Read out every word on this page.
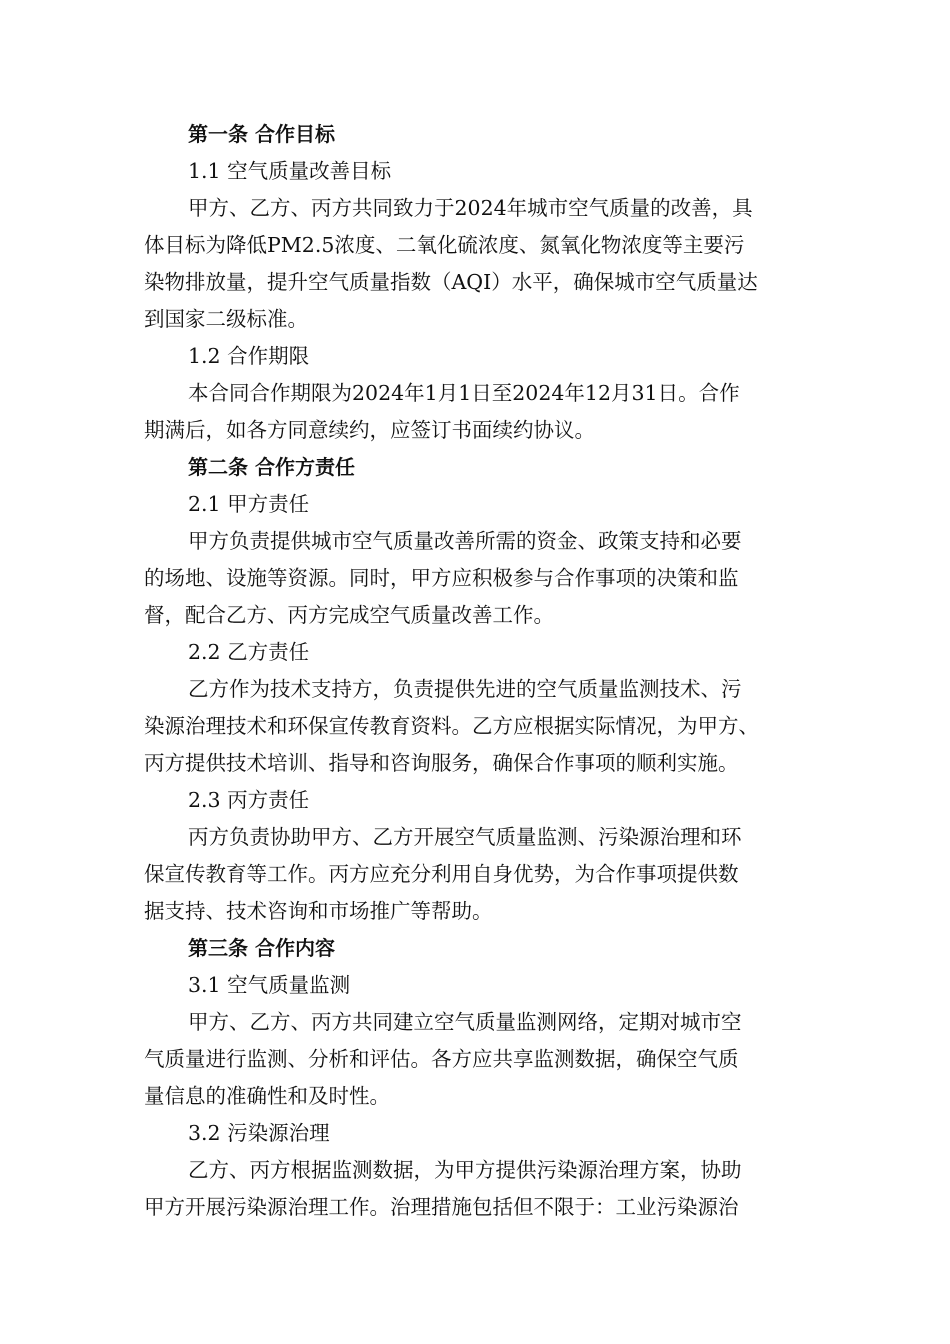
第一条 合作目标
1.1 空气质量改善目标
甲方、乙方、丙方共同致力于2024年城市空气质量的改善，具
体目标为降低PM2.5浓度、二氧化硫浓度、氮氧化物浓度等主要污
染物排放量，提升空气质量指数（AQI）水平，确保城市空气质量达
到国家二级标准。
1.2 合作期限
本合同合作期限为2024年1月1日至2024年12月31日。合作
期满后，如各方同意续约，应签订书面续约协议。
第二条 合作方责任
2.1 甲方责任
甲方负责提供城市空气质量改善所需的资金、政策支持和必要
的场地、设施等资源。同时，甲方应积极参与合作事项的决策和监
督，配合乙方、丙方完成空气质量改善工作。
2.2 乙方责任
乙方作为技术支持方，负责提供先进的空气质量监测技术、污
染源治理技术和环保宣传教育资料。乙方应根据实际情况，为甲方、
丙方提供技术培训、指导和咨询服务，确保合作事项的顺利实施。
2.3 丙方责任
丙方负责协助甲方、乙方开展空气质量监测、污染源治理和环
保宣传教育等工作。丙方应充分利用自身优势，为合作事项提供数
据支持、技术咨询和市场推广等帮助。
第三条 合作内容
3.1 空气质量监测
甲方、乙方、丙方共同建立空气质量监测网络，定期对城市空
气质量进行监测、分析和评估。各方应共享监测数据，确保空气质
量信息的准确性和及时性。
3.2 污染源治理
乙方、丙方根据监测数据，为甲方提供污染源治理方案，协助
甲方开展污染源治理工作。治理措施包括但不限于：工业污染源治
